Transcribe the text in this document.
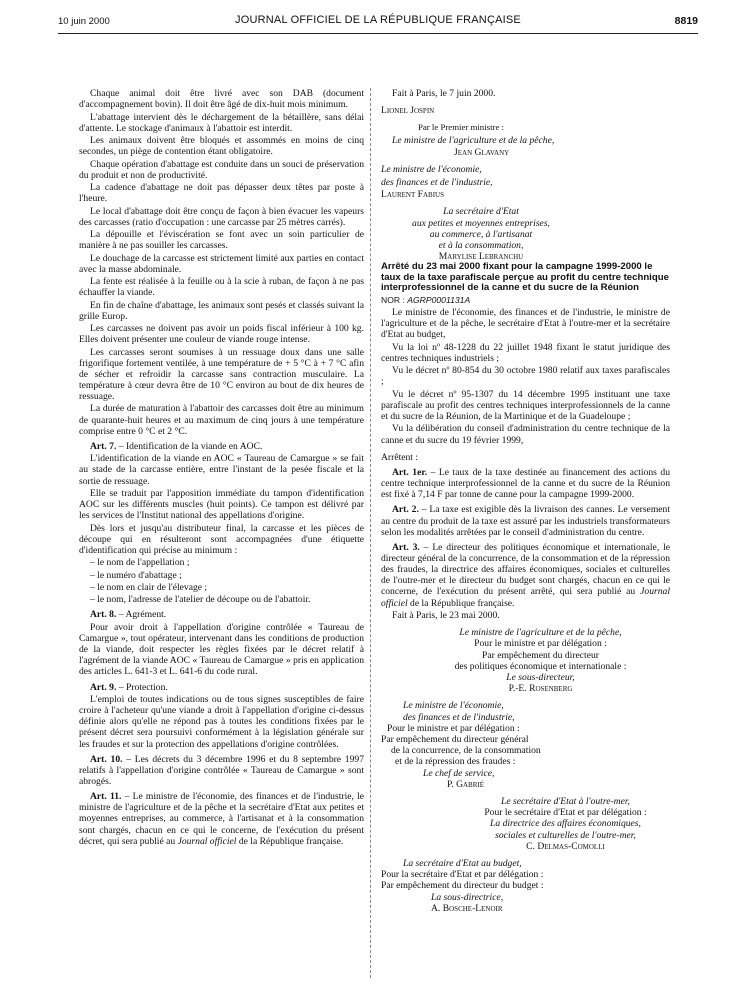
10 juin 2000	JOURNAL OFFICIEL DE LA RÉPUBLIQUE FRANÇAISE	8819

Chaque animal doit être livré avec son DAB (document d'accompagnement bovin). Il doit être âgé de dix-huit mois minimum.

L'abattage intervient dès le déchargement de la bétaillère, sans délai d'attente. Le stockage d'animaux à l'abattoir est interdit.

Les animaux doivent être bloqués et assommés en moins de cinq secondes, un piège de contention étant obligatoire.

Chaque opération d'abattage est conduite dans un souci de préservation du produit et non de productivité.

La cadence d'abattage ne doit pas dépasser deux têtes par poste à l'heure.

Le local d'abattage doit être conçu de façon à bien évacuer les vapeurs des carcasses (ratio d'occupation : une carcasse par 25 mètres carrés).

La dépouille et l'éviscération se font avec un soin particulier de manière à ne pas souiller les carcasses.

Le douchage de la carcasse est strictement limité aux parties en contact avec la masse abdominale.

La fente est réalisée à la feuille ou à la scie à ruban, de façon à ne pas échauffer la viande.

En fin de chaîne d'abattage, les animaux sont pesés et classés suivant la grille Europ.

Les carcasses ne doivent pas avoir un poids fiscal inférieur à 100 kg. Elles doivent présenter une couleur de viande rouge intense.

Les carcasses seront soumises à un ressuage doux dans une salle frigorifique fortement ventilée, à une température de + 5 °C à + 7 °C afin de sécher et refroidir la carcasse sans contraction musculaire. La température à cœur devra être de 10 °C environ au bout de dix heures de ressuage.

La durée de maturation à l'abattoir des carcasses doit être au minimum de quarante-huit heures et au maximum de cinq jours à une température comprise entre 0 °C et 2 °C.

Art. 7. – Identification de la viande en AOC.

L'identification de la viande en AOC « Taureau de Camargue » se fait au stade de la carcasse entière, entre l'instant de la pesée fiscale et la sortie de ressuage.

Elle se traduit par l'apposition immédiate du tampon d'identification AOC sur les différents muscles (huit points). Ce tampon est délivré par les services de l'Institut national des appellations d'origine.

Dès lors et jusqu'au distributeur final, la carcasse et les pièces de découpe qui en résulteront sont accompagnées d'une étiquette d'identification qui précise au minimum :

– le nom de l'appellation ;

– le numéro d'abattage ;

– le nom en clair de l'élevage ;

– le nom, l'adresse de l'atelier de découpe ou de l'abattoir.

Art. 8. – Agrément.

Pour avoir droit à l'appellation d'origine contrôlée « Taureau de Camargue », tout opérateur, intervenant dans les conditions de production de la viande, doit respecter les règles fixées par le décret relatif à l'agrément de la viande AOC « Taureau de Camargue » pris en application des articles L. 641-3 et L. 641-6 du code rural.

Art. 9. – Protection.

L'emploi de toutes indications ou de tous signes susceptibles de faire croire à l'acheteur qu'une viande a droit à l'appellation d'origine ci-dessus définie alors qu'elle ne répond pas à toutes les conditions fixées par le présent décret sera poursuivi conformément à la législation générale sur les fraudes et sur la protection des appellations d'origine contrôlées.

Art. 10. – Les décrets du 3 décembre 1996 et du 8 septembre 1997 relatifs à l'appellation d'origine contrôlée « Taureau de Camargue » sont abrogés.

Art. 11. – Le ministre de l'économie, des finances et de l'industrie, le ministre de l'agriculture et de la pêche et la secrétaire d'Etat aux petites et moyennes entreprises, au commerce, à l'artisanat et à la consommation sont chargés, chacun en ce qui le concerne, de l'exécution du présent décret, qui sera publié au Journal officiel de la République française.

Fait à Paris, le 7 juin 2000.

Lionel Jospin

Par le Premier ministre :

Le ministre de l'agriculture et de la pêche,

Jean Glavany

Le ministre de l'économie,

des finances et de l'industrie,

Laurent Fabius

La secrétaire d'Etat
aux petites et moyennes entreprises,
au commerce, à l'artisanat
et à la consommation,
Marylise Lebranchu

Arrêté du 23 mai 2000 fixant pour la campagne 1999-2000 le taux de la taxe parafiscale perçue au profit du centre technique interprofessionnel de la canne et du sucre de la Réunion

NOR : AGRP0001131A

Le ministre de l'économie, des finances et de l'industrie, le ministre de l'agriculture et de la pêche, le secrétaire d'Etat à l'outre-mer et la secrétaire d'Etat au budget,

Vu la loi nº 48-1228 du 22 juillet 1948 fixant le statut juridique des centres techniques industriels ;

Vu le décret nº 80-854 du 30 octobre 1980 relatif aux taxes parafiscales ;

Vu le décret nº 95-1307 du 14 décembre 1995 instituant une taxe parafiscale au profit des centres techniques interprofessionnels de la canne et du sucre de la Réunion, de la Martinique et de la Guadeloupe ;

Vu la délibération du conseil d'administration du centre technique de la canne et du sucre du 19 février 1999,

Arrêtent :

Art. 1er. – Le taux de la taxe destinée au financement des actions du centre technique interprofessionnel de la canne et du sucre de la Réunion est fixé à 7,14 F par tonne de canne pour la campagne 1999-2000.

Art. 2. – La taxe est exigible dès la livraison des cannes. Le versement au centre du produit de la taxe est assuré par les industriels transformateurs selon les modalités arrêtées par le conseil d'administration du centre.

Art. 3. – Le directeur des politiques économique et internationale, le directeur général de la concurrence, de la consommation et de la répression des fraudes, la directrice des affaires économiques, sociales et culturelles de l'outre-mer et le directeur du budget sont chargés, chacun en ce qui le concerne, de l'exécution du présent arrêté, qui sera publié au Journal officiel de la République française.

Fait à Paris, le 23 mai 2000.

Le ministre de l'agriculture et de la pêche,
Pour le ministre et par délégation :
Par empêchement du directeur
des politiques économique et internationale :
Le sous-directeur,
P.-E. Rosenberg
Le ministre de l'économie,
des finances et de l'industrie,
Pour le ministre et par délégation :
Par empêchement du directeur général
de la concurrence, de la consommation
et de la répression des fraudes :
Le chef de service,
P. Gabrié
Le secrétaire d'Etat à l'outre-mer,
Pour le secrétaire d'Etat et par délégation :
La directrice des affaires économiques,
sociales et culturelles de l'outre-mer,
C. Delmas-Comolli
La secrétaire d'Etat au budget,
Pour la secrétaire d'Etat et par délégation :
Par empêchement du directeur du budget :
La sous-directrice,
A. Bosche-Lenoir
